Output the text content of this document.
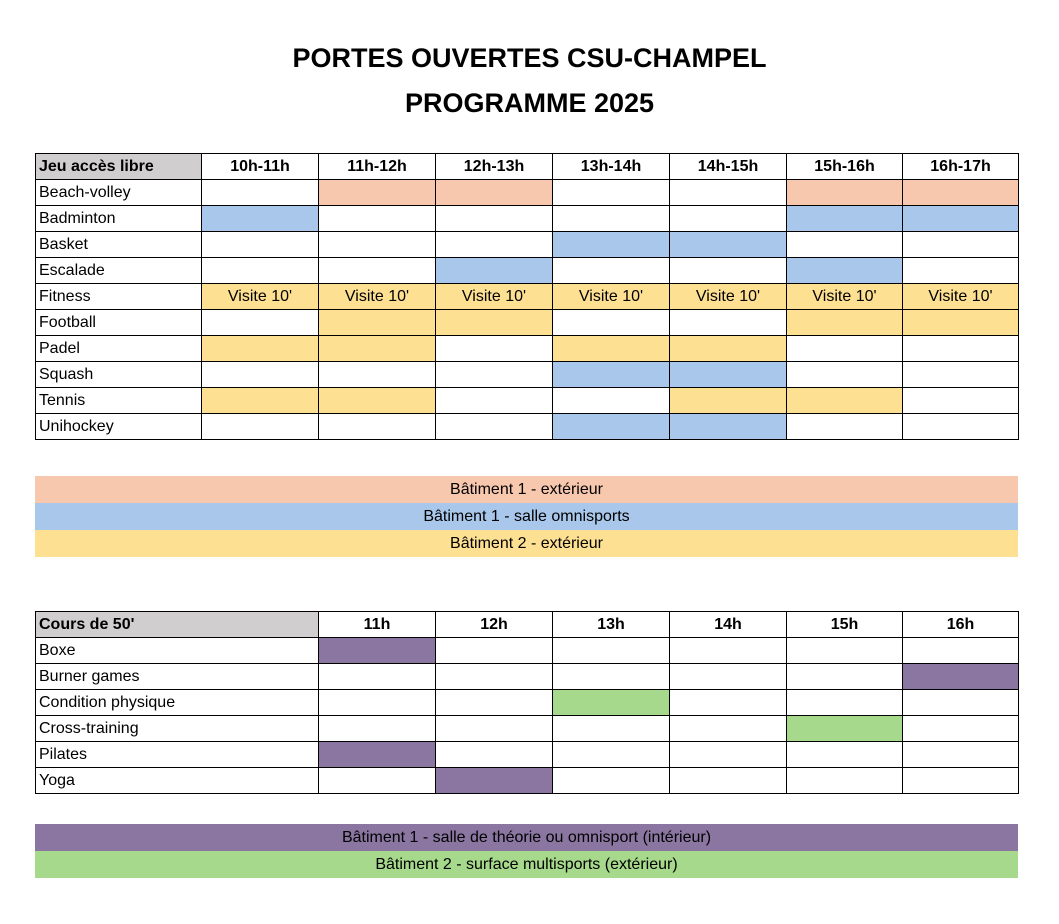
PORTES OUVERTES CSU-CHAMPEL
PROGRAMME 2025
Jeu accès libre	10h-11h	11h-12h	12h-13h	13h-14h	14h-15h	15h-16h	16h-17h
Beach-volley							
Badminton							
Basket							
Escalade							
Fitness	Visite 10'	Visite 10'	Visite 10'	Visite 10'	Visite 10'	Visite 10'	Visite 10'
Football							
Padel							
Squash							
Tennis							
Unihockey							
Bâtiment 1 - extérieur
Bâtiment 1 - salle omnisports
Bâtiment 2 - extérieur
Cours de 50'	11h	12h	13h	14h	15h	16h
Boxe						
Burner games						
Condition physique						
Cross-training						
Pilates						
Yoga						
Bâtiment 1 - salle de théorie ou omnisport (intérieur)
Bâtiment 2 - surface multisports (extérieur)
